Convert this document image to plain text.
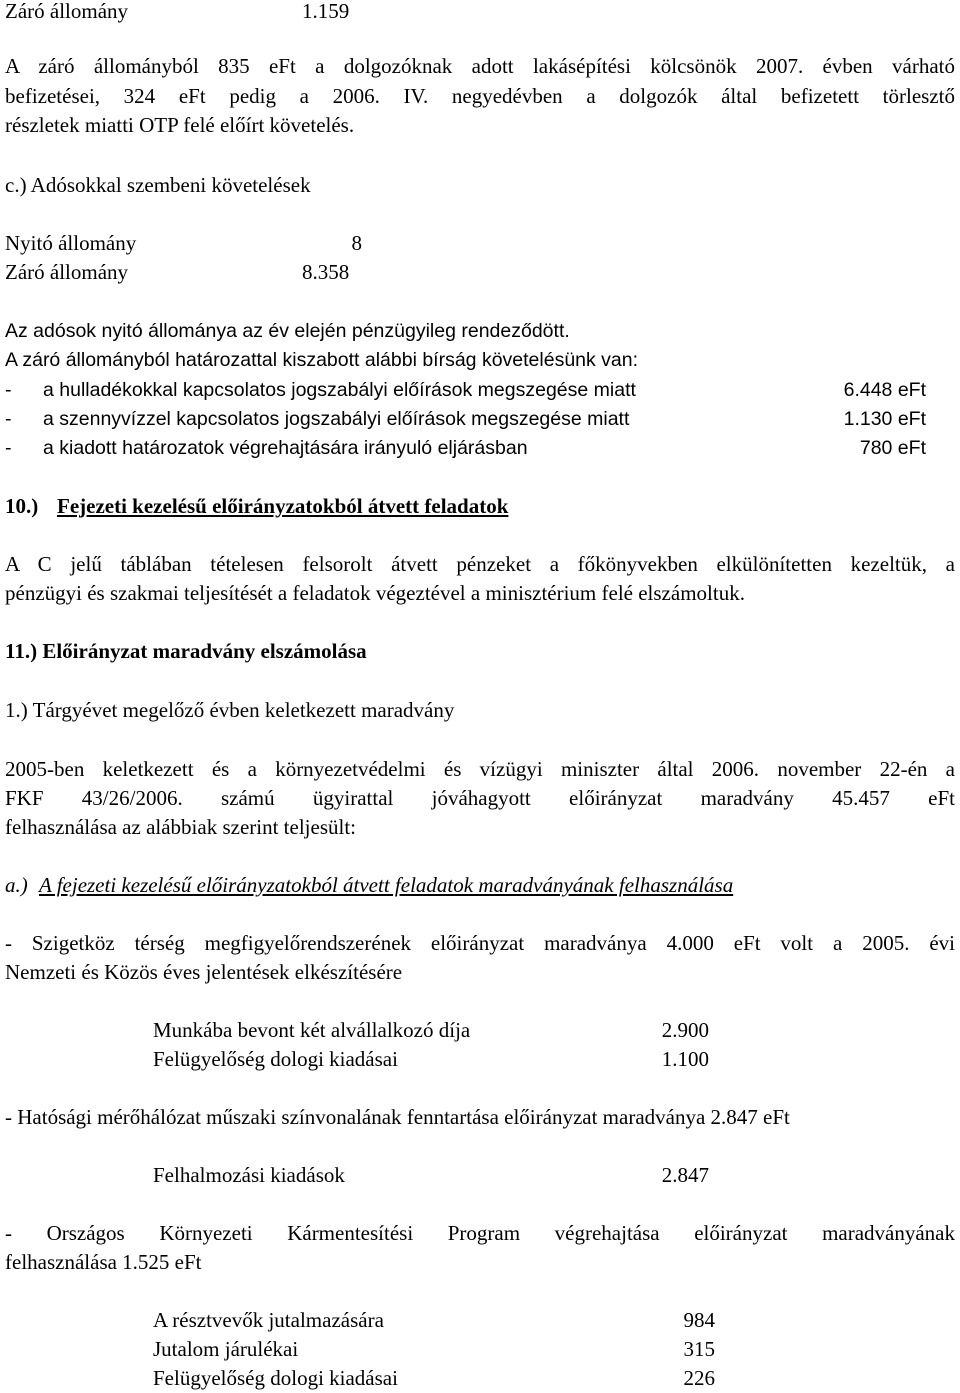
Záró állomány	1.159
A záró állományból 835 eFt a dolgozóknak adott lakásépítési kölcsönök 2007. évben várható
befizetései, 324 eFt pedig a 2006. IV. negyedévben a dolgozók által befizetett törlesztő
részletek miatti OTP felé előírt követelés.
c.) Adósokkal szembeni követelések
Nyitó állomány	8
Záró állomány	8.358
Az adósok nyitó állománya az év elején pénzügyileg rendeződött.
A záró állományból határozattal kiszabott alábbi bírság követelésünk van:
- a hulladékokkal kapcsolatos jogszabályi előírások megszegése miatt	6.448 eFt
- a szennyvízzel kapcsolatos jogszabályi előírások megszegése miatt	1.130 eFt
- a kiadott határozatok végrehajtására irányuló eljárásban	780 eFt
10.) Fejezeti kezelésű előirányzatokból átvett feladatok
A C jelű táblában tételesen felsorolt átvett pénzeket a főkönyvekben elkülönítetten kezeltük, a
pénzügyi és szakmai teljesítését a feladatok végeztével a minisztérium felé elszámoltuk.
11.) Előirányzat maradvány elszámolása
1.) Tárgyévet megelőző évben keletkezett maradvány
2005-ben keletkezett és a környezetvédelmi és vízügyi miniszter által 2006. november 22-én a
FKF 43/26/2006. számú ügyirattal jóváhagyott előirányzat maradvány 45.457 eFt
felhasználása az alábbiak szerint teljesült:
a.) A fejezeti kezelésű előirányzatokból átvett feladatok maradványának felhasználása
- Szigetköz térség megfigyelőrendszerének előirányzat maradványa 4.000 eFt volt a 2005. évi
Nemzeti és Közös éves jelentések elkészítésére
Munkába bevont két alvállalkozó díja	2.900
Felügyelőség dologi kiadásai	1.100
- Hatósági mérőhálózat műszaki színvonalának fenntartása előirányzat maradványa 2.847 eFt
Felhalmozási kiadások	2.847
- Országos Környezeti Kármentesítési Program végrehajtása előirányzat maradványának
felhasználása 1.525 eFt
A résztvevők jutalmazására	984
Jutalom járulékai	315
Felügyelőség dologi kiadásai	226
